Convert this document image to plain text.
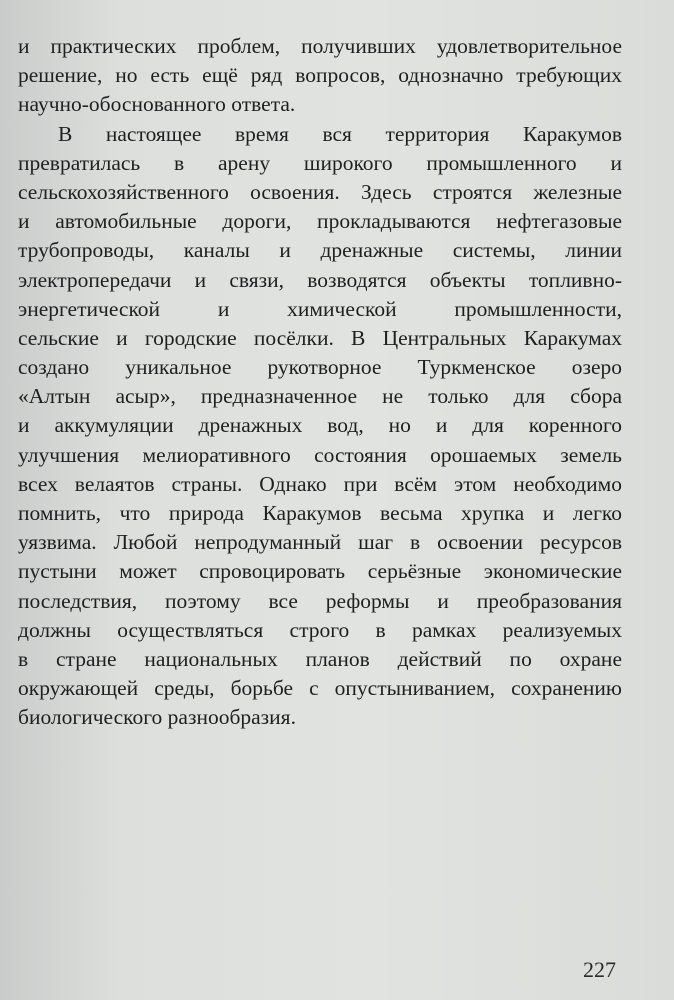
и практических проблем, получивших удовлетворительное
решение, но есть ещё ряд вопросов, однозначно требующих
научно-обоснованного ответа.
В настоящее время вся территория Каракумов
превратилась в арену широкого промышленного и
сельскохозяйственного освоения. Здесь строятся железные
и автомобильные дороги, прокладываются нефтегазовые
трубопроводы, каналы и дренажные системы, линии
электропередачи и связи, возводятся объекты топливно-
энергетической и химической промышленности,
сельские и городские посёлки. В Центральных Каракумах
создано уникальное рукотворное Туркменское озеро
«Алтын асыр», предназначенное не только для сбора
и аккумуляции дренажных вод, но и для коренного
улучшения мелиоративного состояния орошаемых земель
всех велаятов страны. Однако при всём этом необходимо
помнить, что природа Каракумов весьма хрупка и легко
уязвима. Любой непродуманный шаг в освоении ресурсов
пустыни может спровоцировать серьёзные экономические
последствия, поэтому все реформы и преобразования
должны осуществляться строго в рамках реализуемых
в стране национальных планов действий по охране
окружающей среды, борьбе с опустыниванием, сохранению
биологического разнообразия.
227
